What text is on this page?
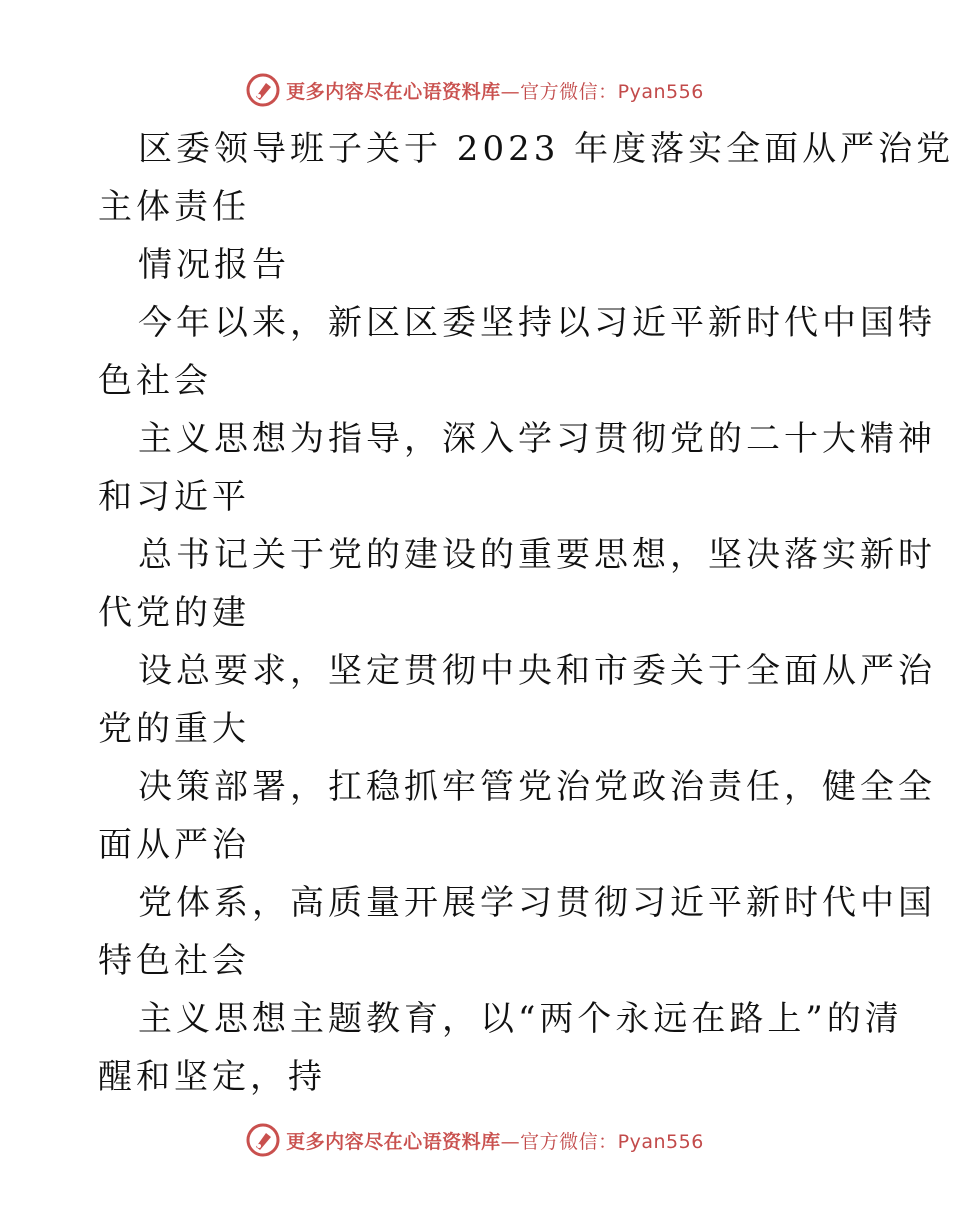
更多内容尽在心语资料库—官方微信：Pyan556
区委领导班子关于 2023 年度落实全面从严治党
主体责任
情况报告
今年以来，新区区委坚持以习近平新时代中国特
色社会
主义思想为指导，深入学习贯彻党的二十大精神
和习近平
总书记关于党的建设的重要思想，坚决落实新时
代党的建
设总要求，坚定贯彻中央和市委关于全面从严治
党的重大
决策部署，扛稳抓牢管党治党政治责任，健全全
面从严治
党体系，高质量开展学习贯彻习近平新时代中国
特色社会
主义思想主题教育，以“两个永远在路上”的清
醒和坚定，持
更多内容尽在心语资料库—官方微信：Pyan556
